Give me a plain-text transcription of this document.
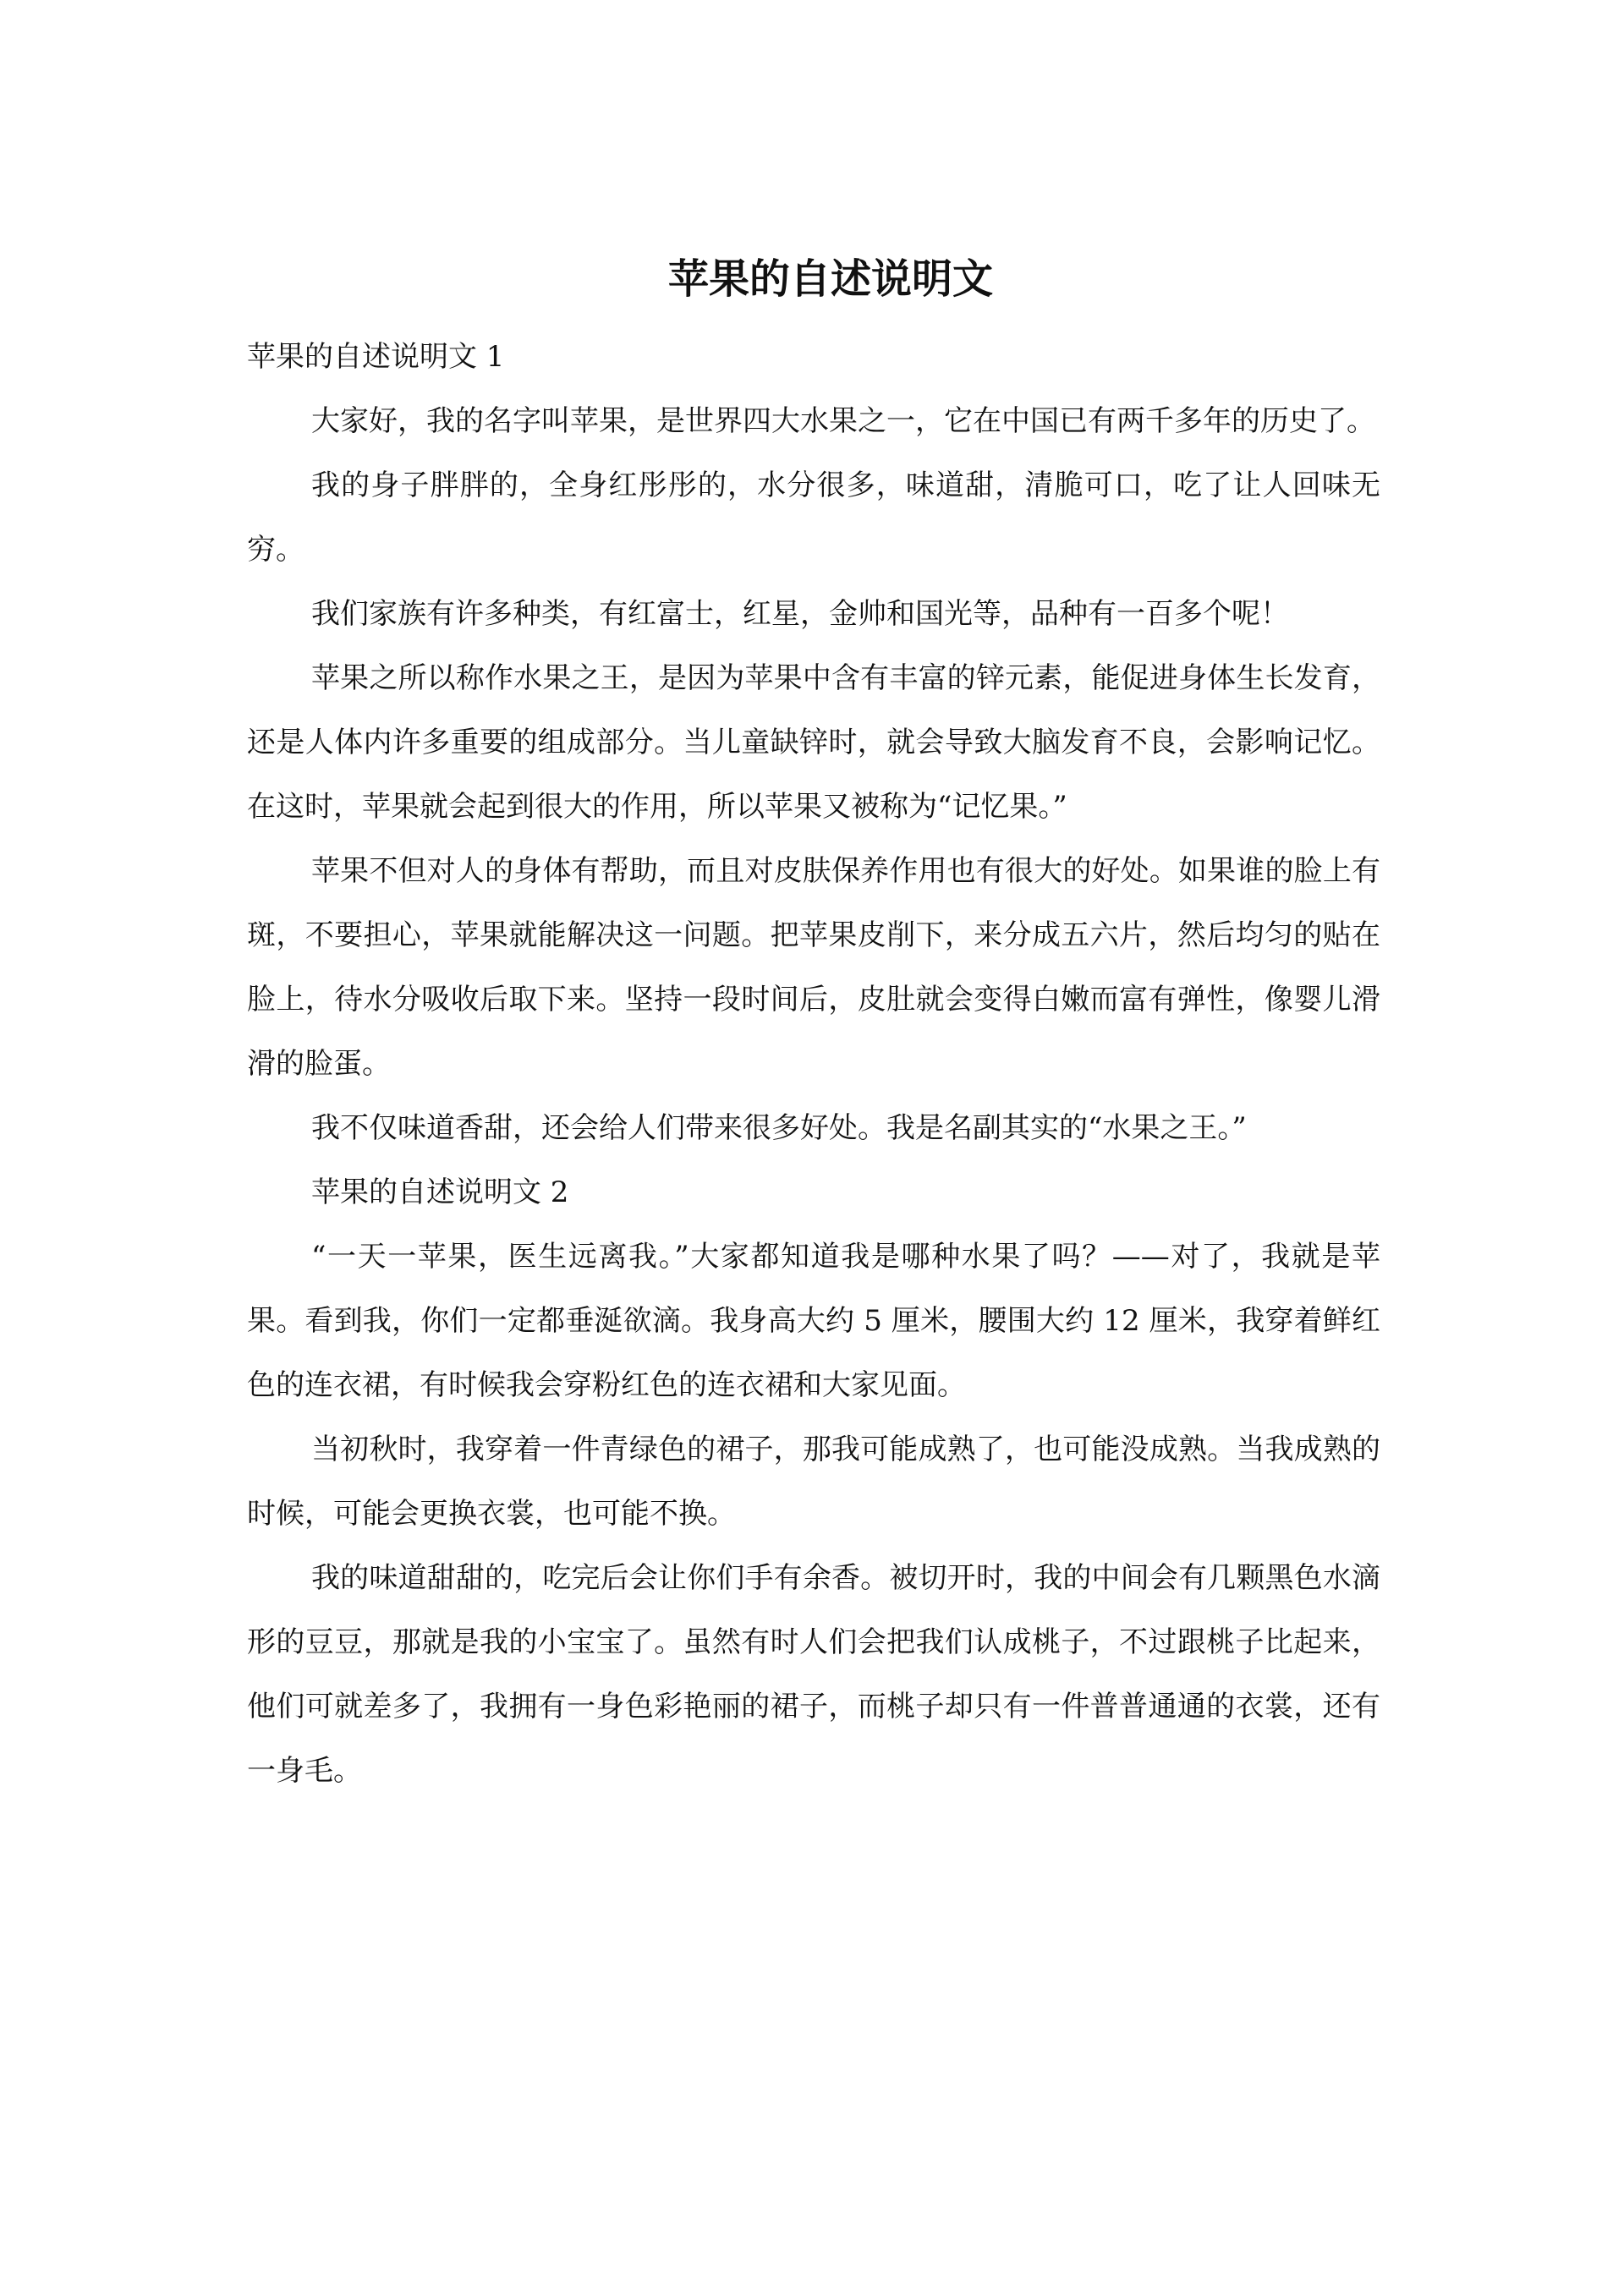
苹果的自述说明文

苹果的自述说明文 1

大家好，我的名字叫苹果，是世界四大水果之一，它在中国已有两千多年的历史了。

我的身子胖胖的，全身红彤彤的，水分很多，味道甜，清脆可口，吃了让人回味无穷。

我们家族有许多种类，有红富士，红星，金帅和国光等，品种有一百多个呢！

苹果之所以称作水果之王，是因为苹果中含有丰富的锌元素，能促进身体生长发育，还是人体内许多重要的组成部分。当儿童缺锌时，就会导致大脑发育不良，会影响记忆。在这时，苹果就会起到很大的作用，所以苹果又被称为“记忆果。”

苹果不但对人的身体有帮助，而且对皮肤保养作用也有很大的好处。如果谁的脸上有斑，不要担心，苹果就能解决这一问题。把苹果皮削下，来分成五六片，然后均匀的贴在脸上，待水分吸收后取下来。坚持一段时间后，皮肚就会变得白嫩而富有弹性，像婴儿滑滑的脸蛋。

我不仅味道香甜，还会给人们带来很多好处。我是名副其实的“水果之王。”

苹果的自述说明文 2

“一天一苹果，医生远离我。”大家都知道我是哪种水果了吗？——对了，我就是苹果。看到我，你们一定都垂涎欲滴。我身高大约 5 厘米，腰围大约 12 厘米，我穿着鲜红色的连衣裙，有时候我会穿粉红色的连衣裙和大家见面。

当初秋时，我穿着一件青绿色的裙子，那我可能成熟了，也可能没成熟。当我成熟的时候，可能会更换衣裳，也可能不换。

我的味道甜甜的，吃完后会让你们手有余香。被切开时，我的中间会有几颗黑色水滴形的豆豆，那就是我的小宝宝了。虽然有时人们会把我们认成桃子，不过跟桃子比起来，他们可就差多了，我拥有一身色彩艳丽的裙子，而桃子却只有一件普普通通的衣裳，还有一身毛。
